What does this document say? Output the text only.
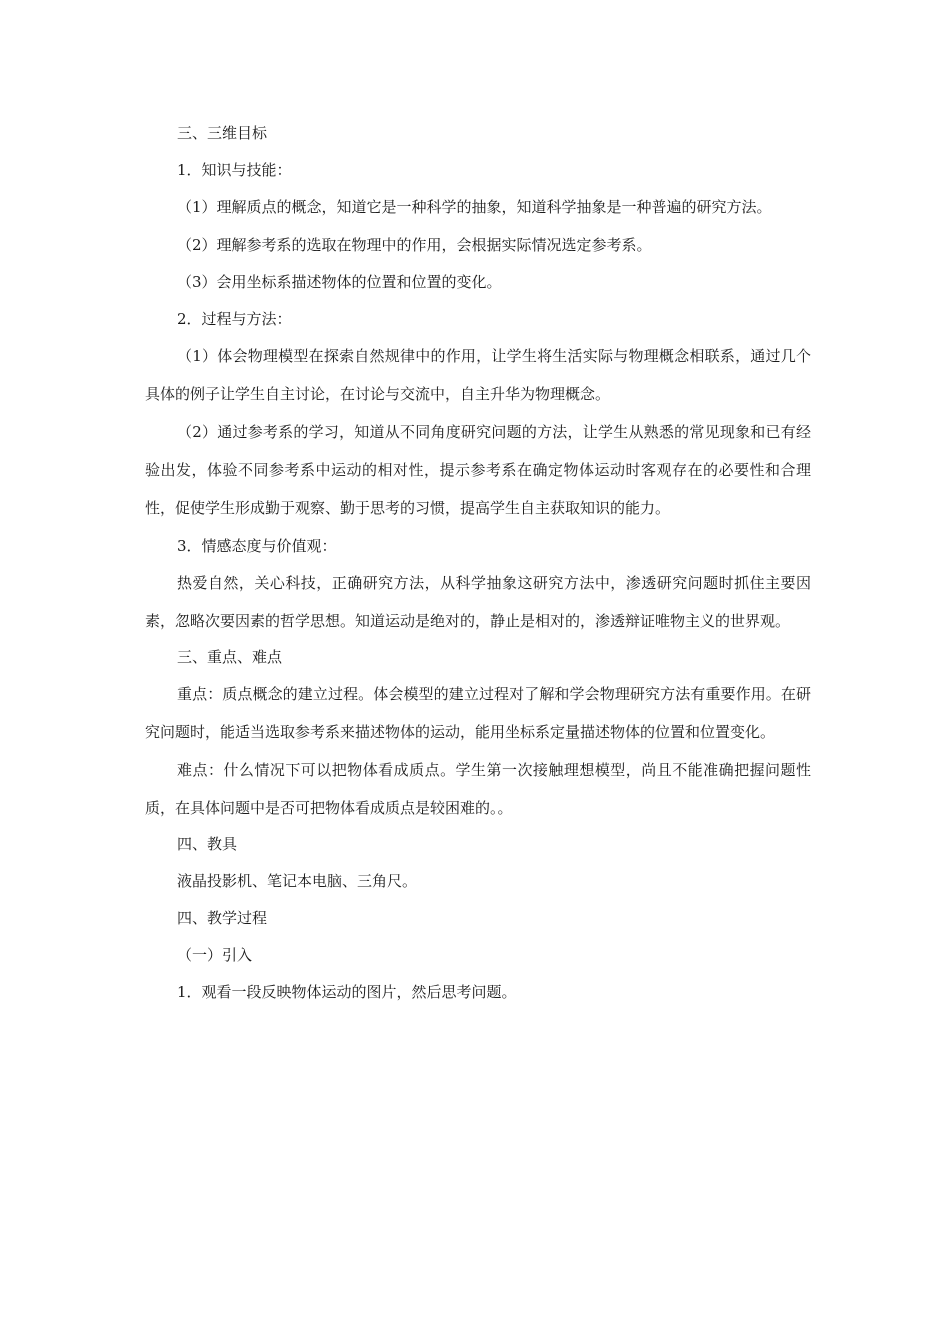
三、三维目标

1．知识与技能：

（1）理解质点的概念，知道它是一种科学的抽象，知道科学抽象是一种普遍的研究方法。

（2）理解参考系的选取在物理中的作用，会根据实际情况选定参考系。

（3）会用坐标系描述物体的位置和位置的变化。

2．过程与方法：

（1）体会物理模型在探索自然规律中的作用，让学生将生活实际与物理概念相联系，通过几个具体的例子让学生自主讨论，在讨论与交流中，自主升华为物理概念。

（2）通过参考系的学习，知道从不同角度研究问题的方法，让学生从熟悉的常见现象和已有经验出发，体验不同参考系中运动的相对性，提示参考系在确定物体运动时客观存在的必要性和合理性，促使学生形成勤于观察、勤于思考的习惯，提高学生自主获取知识的能力。

3．情感态度与价值观：

热爱自然，关心科技，正确研究方法，从科学抽象这研究方法中，渗透研究问题时抓住主要因素，忽略次要因素的哲学思想。知道运动是绝对的，静止是相对的，渗透辩证唯物主义的世界观。

三、重点、难点

重点：质点概念的建立过程。体会模型的建立过程对了解和学会物理研究方法有重要作用。在研究问题时，能适当选取参考系来描述物体的运动，能用坐标系定量描述物体的位置和位置变化。

难点：什么情况下可以把物体看成质点。学生第一次接触理想模型，尚且不能准确把握问题性质，在具体问题中是否可把物体看成质点是较困难的。。

四、教具

液晶投影机、笔记本电脑、三角尺。

四、教学过程

（一）引入

1．观看一段反映物体运动的图片，然后思考问题。
